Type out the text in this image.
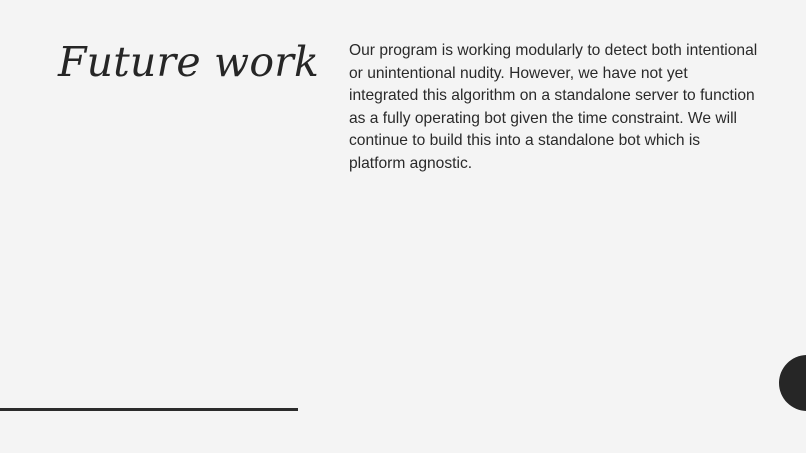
Future work Our program is working modularly to detect both intentional or unintentional nudity. However, we have not yet integrated this algorithm on a standalone server to function as a fully operating bot given the time constraint. We will continue to build this into a standalone bot which is platform agnostic.
